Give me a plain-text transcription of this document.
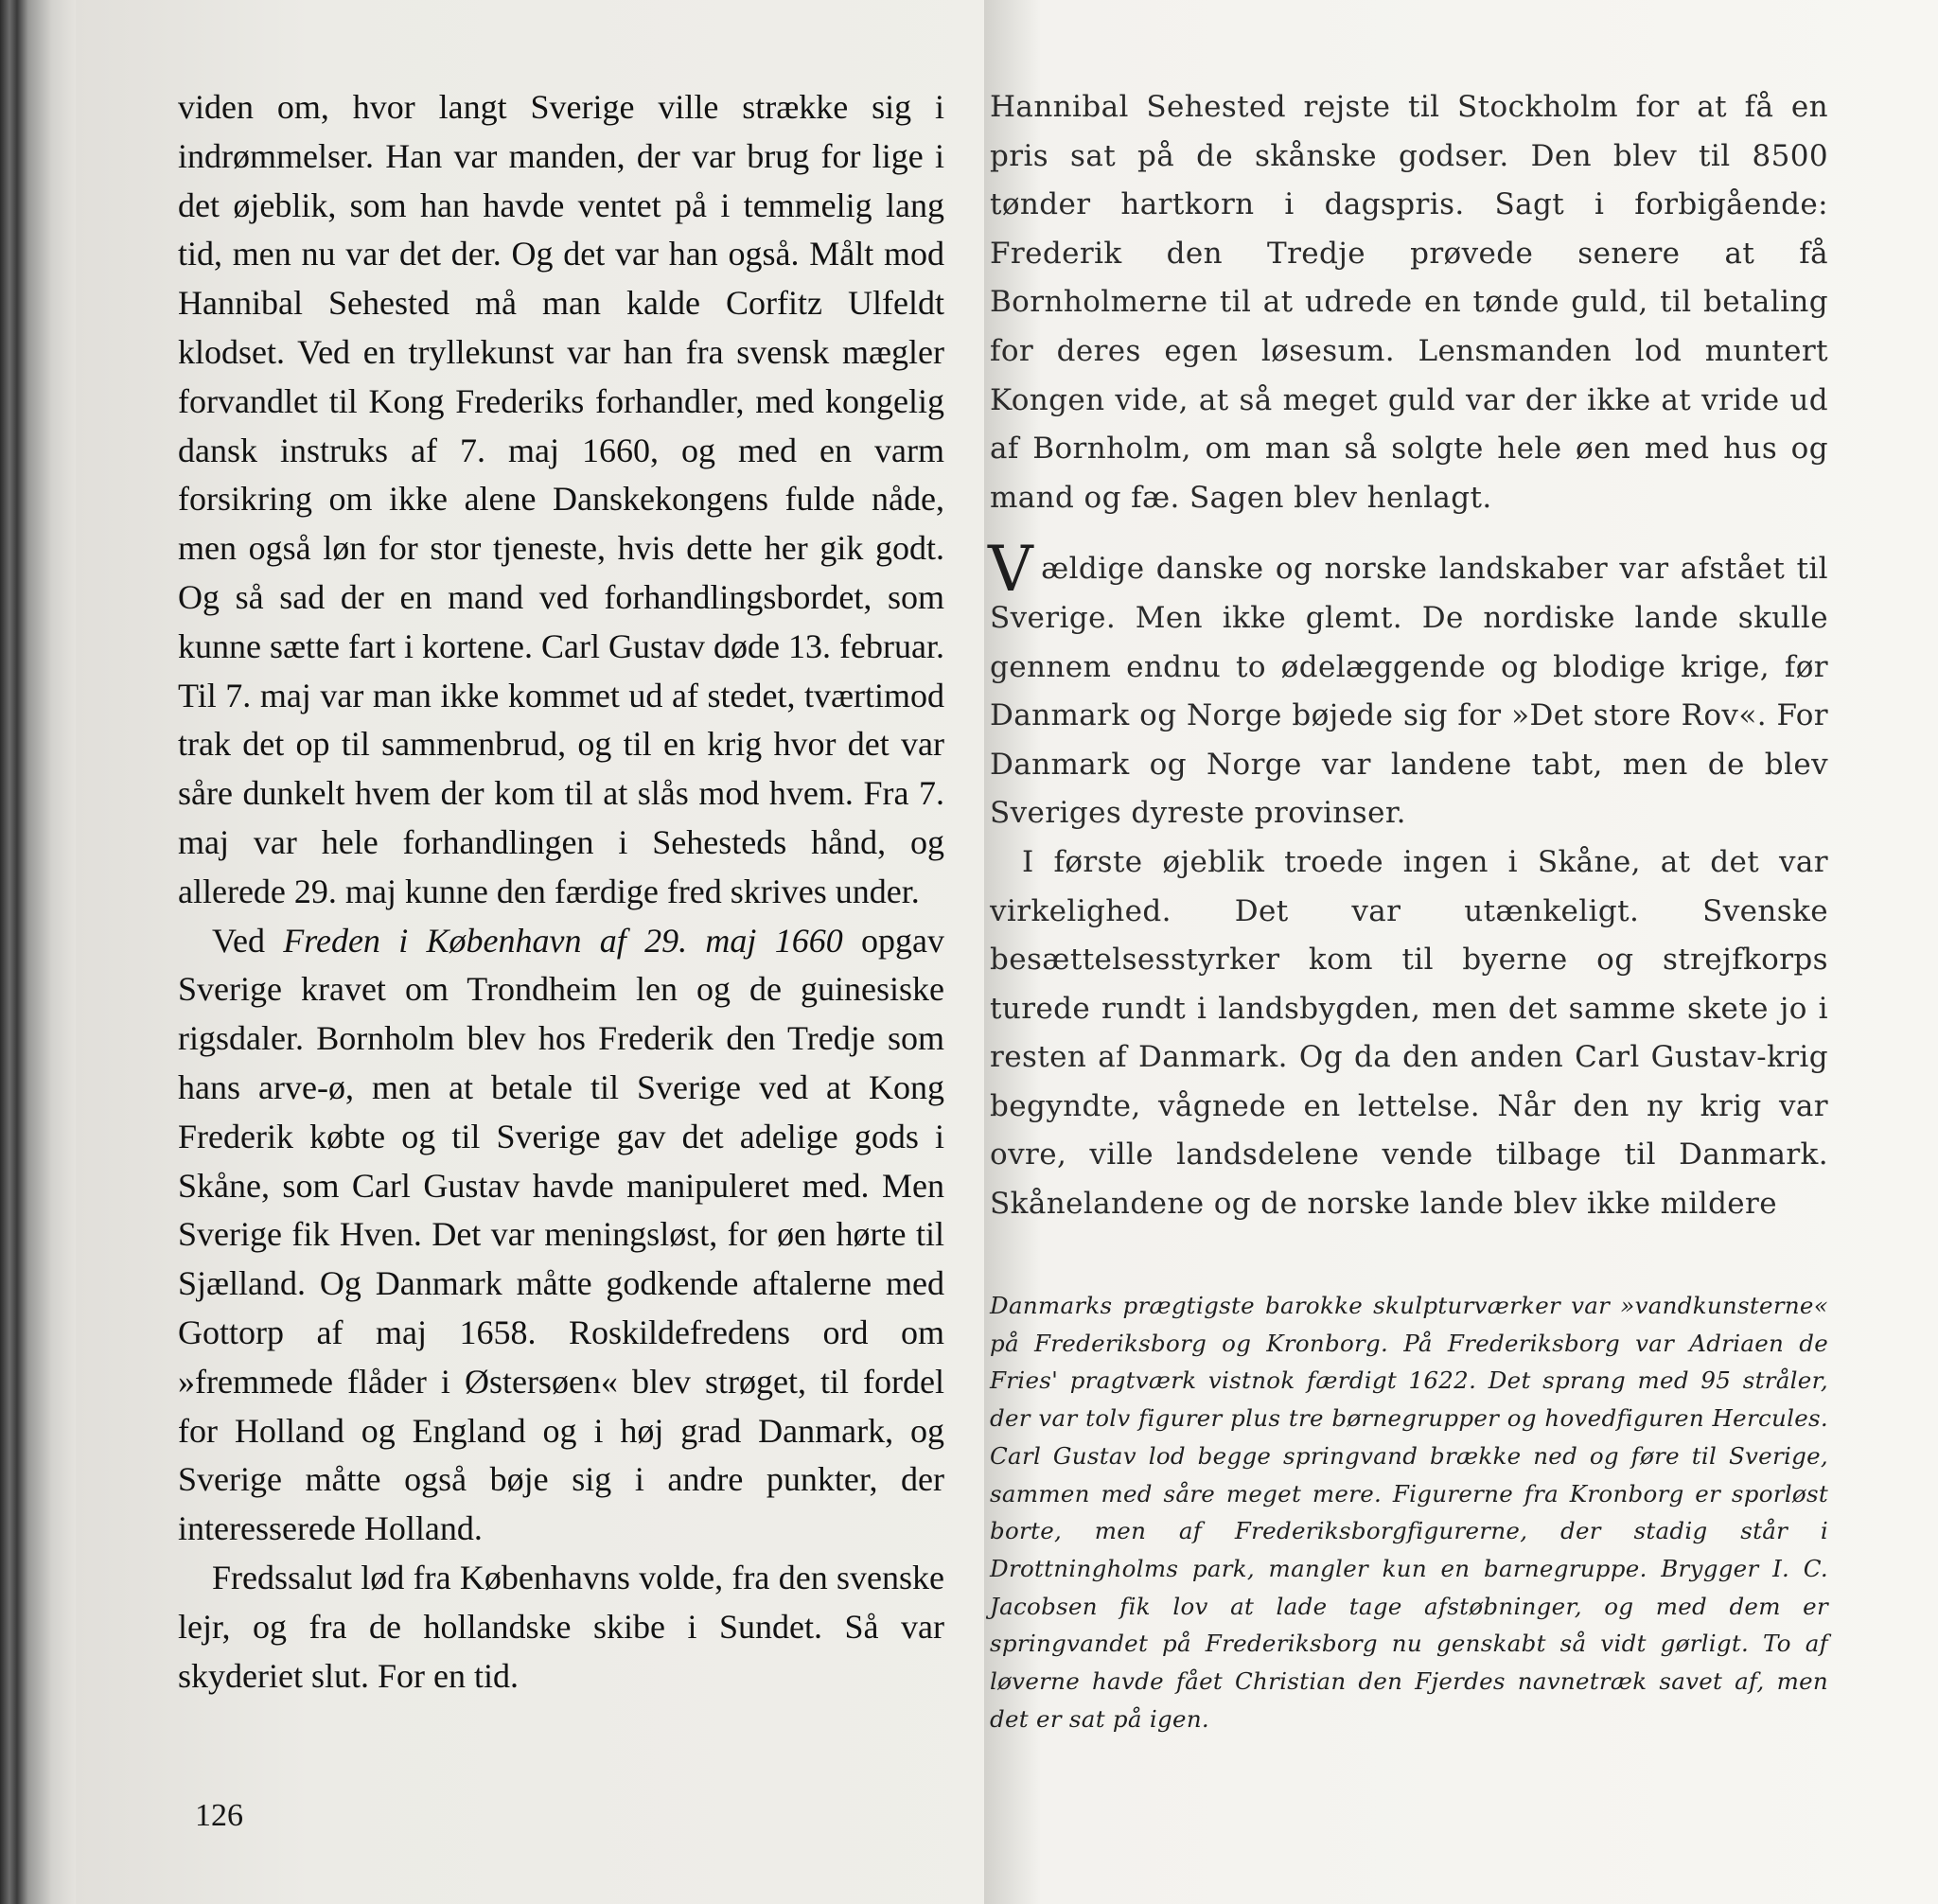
viden om, hvor langt Sverige ville strække sig i indrømmelser. Han var manden, der var brug for lige i det øjeblik, som han havde ventet på i temmelig lang tid, men nu var det der. Og det var han også. Målt mod Hannibal Sehested må man kalde Corfitz Ulfeldt klodset. Ved en tryllekunst var han fra svensk mægler forvandlet til Kong Frederiks forhandler, med kongelig dansk instruks af 7. maj 1660, og med en varm forsikring om ikke alene Danskekongens fulde nåde, men også løn for stor tjeneste, hvis dette her gik godt. Og så sad der en mand ved forhandlingsbordet, som kunne sætte fart i kortene. Carl Gustav døde 13. februar. Til 7. maj var man ikke kommet ud af stedet, tværtimod trak det op til sammenbrud, og til en krig hvor det var såre dunkelt hvem der kom til at slås mod hvem. Fra 7. maj var hele forhandlingen i Sehesteds hånd, og allerede 29. maj kunne den færdige fred skrives under.

Ved Freden i København af 29. maj 1660 opgav Sverige kravet om Trondheim len og de guinesiske rigsdaler. Bornholm blev hos Frederik den Tredje som hans arve-ø, men at betale til Sverige ved at Kong Frederik købte og til Sverige gav det adelige gods i Skåne, som Carl Gustav havde manipuleret med. Men Sverige fik Hven. Det var meningsløst, for øen hørte til Sjælland. Og Danmark måtte godkende aftalerne med Gottorp af maj 1658. Roskildefredens ord om »fremmede flåder i Østersøen« blev strøget, til fordel for Holland og England og i høj grad Danmark, og Sverige måtte også bøje sig i andre punkter, der interesserede Holland.

Fredssalut lød fra Københavns volde, fra den svenske lejr, og fra de hollandske skibe i Sundet. Så var skyderiet slut. For en tid.

Hannibal Sehested rejste til Stockholm for at få en pris sat på de skånske godser. Den blev til 8500 tønder hartkorn i dagspris. Sagt i forbigående: Frederik den Tredje prøvede senere at få Bornholmerne til at udrede en tønde guld, til betaling for deres egen løsesum. Lensmanden lod muntert Kongen vide, at så meget guld var der ikke at vride ud af Bornholm, om man så solgte hele øen med hus og mand og fæ. Sagen blev henlagt.

Vældige danske og norske landskaber var afstået til Sverige. Men ikke glemt. De nordiske lande skulle gennem endnu to ødelæggende og blodige krige, før Danmark og Norge bøjede sig for »Det store Rov«. For Danmark og Norge var landene tabt, men de blev Sveriges dyreste provinser.

I første øjeblik troede ingen i Skåne, at det var virkelighed. Det var utænkeligt. Svenske besættelsesstyrker kom til byerne og strejfkorps turede rundt i landsbygden, men det samme skete jo i resten af Danmark. Og da den anden Carl Gustav-krig begyndte, vågnede en lettelse. Når den ny krig var ovre, ville landsdelene vende tilbage til Danmark. Skånelandene og de norske lande blev ikke mildere

Danmarks prægtigste barokke skulpturværker var »vandkunsterne« på Frederiksborg og Kronborg. På Frederiksborg var Adriaen de Fries' pragtværk vistnok færdigt 1622. Det sprang med 95 stråler, der var tolv figurer plus tre børnegrupper og hovedfiguren Hercules. Carl Gustav lod begge springvand brække ned og føre til Sverige, sammen med såre meget mere. Figurerne fra Kronborg er sporløst borte, men af Frederiksborgfigurerne, der stadig står i Drottningholms park, mangler kun en barnegruppe. Brygger I. C. Jacobsen fik lov at lade tage afstøbninger, og med dem er springvandet på Frederiksborg nu genskabt så vidt gørligt. To af løverne havde fået Christian den Fjerdes navnetræk savet af, men det er sat på igen.
126
